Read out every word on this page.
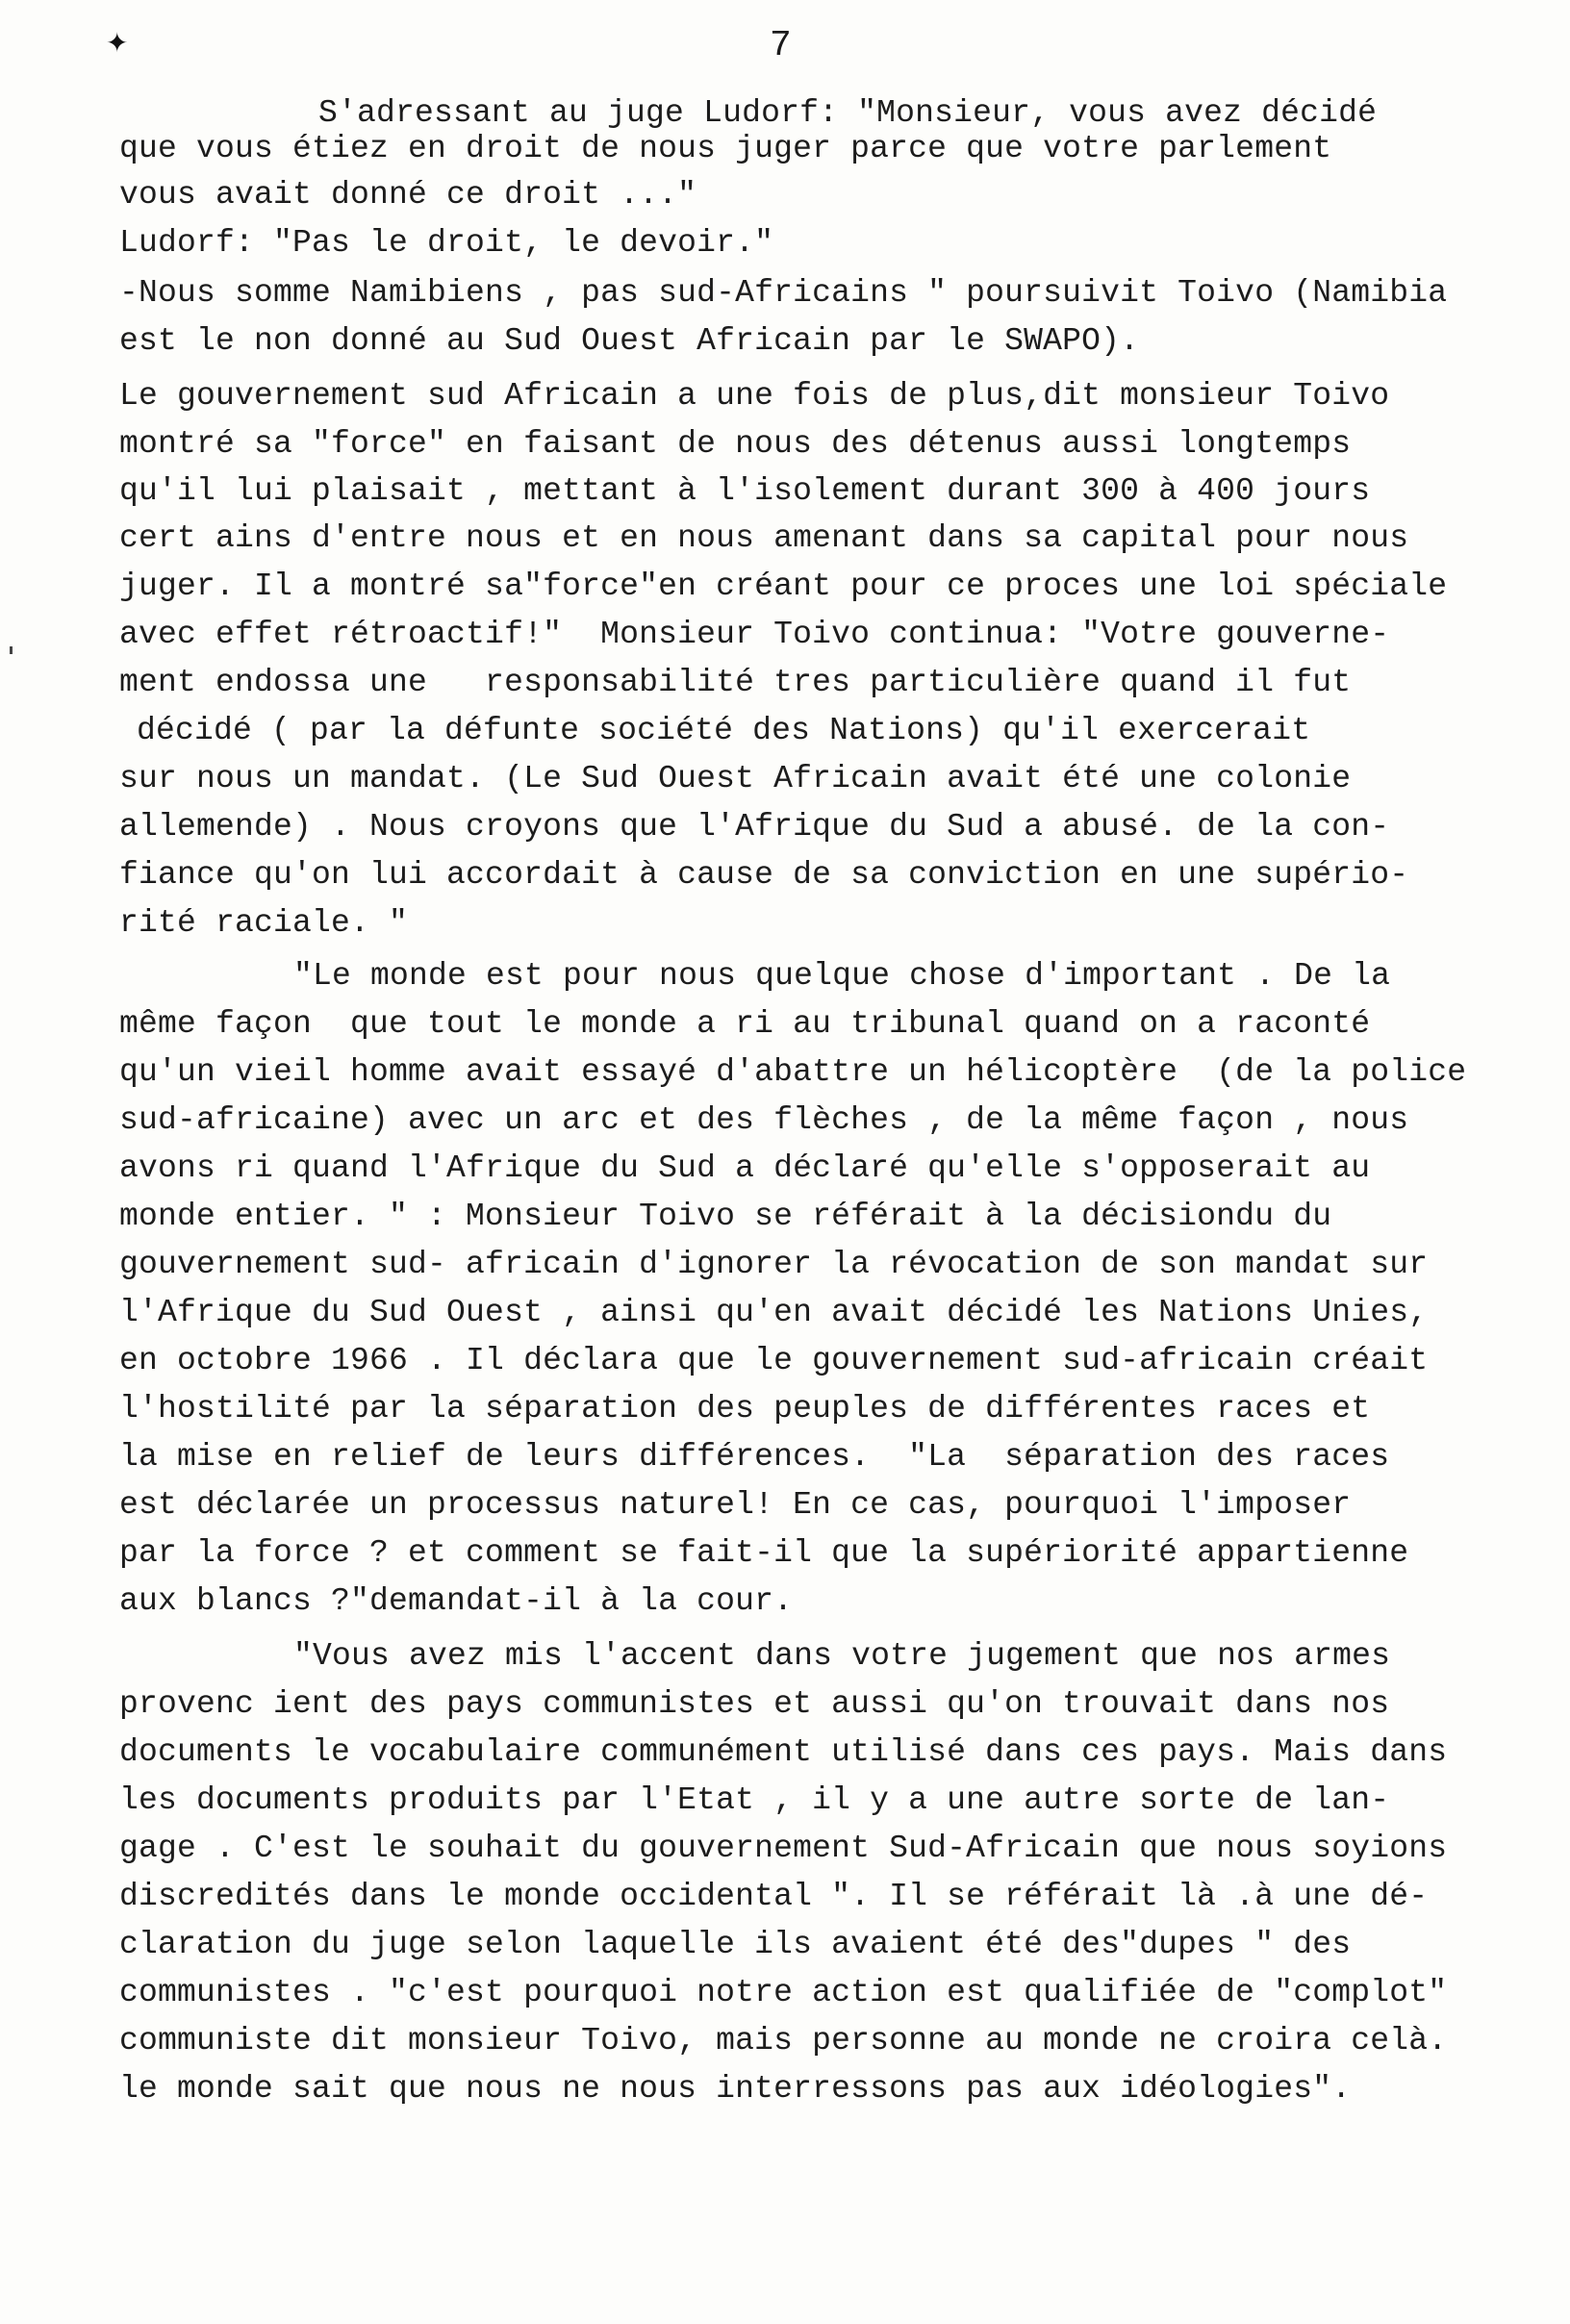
✦	7
S'adressant au juge Ludorf: "Monsieur, vous avez décidé
que vous étiez en droit de nous juger parce que votre parlement
vous avait donné ce droit ..."
Ludorf: "Pas le droit, le devoir."
-Nous somme Namibiens , pas sud-Africains " poursuivit Toivo (Namibia
est le non donné au Sud Ouest Africain par le SWAPO).
Le gouvernement sud Africain a une fois de plus,dit monsieur Toivo
montré sa "force" en faisant de nous des détenus aussi longtemps
qu'il lui plaisait , mettant à l'isolement durant 300 à 400 jours
cert ains d'entre nous et en nous amenant dans sa capital pour nous
juger. Il a montré sa"force"en créant pour ce proces une loi spéciale
avec effet rétroactif!"  Monsieur Toivo continua: "Votre gouverne-
ment endossa une   responsabilité tres particulière quand il fut
décidé ( par la défunte société des Nations) qu'il exercerait
sur nous un mandat. (Le Sud Ouest Africain avait été une colonie
allemende) . Nous croyons que l'Afrique du Sud a abusé. de la con-
fiance qu'on lui accordait à cause de sa conviction en une supério-
rité raciale. "
"Le monde est pour nous quelque chose d'important . De la
même façon  que tout le monde a ri au tribunal quand on a raconté
qu'un vieil homme avait essayé d'abattre un hélicoptère  (de la police
sud-africaine) avec un arc et des flèches , de la même façon , nous
avons ri quand l'Afrique du Sud a déclaré qu'elle s'opposerait au
monde entier. " : Monsieur Toivo se référait à la décisiondu du
gouvernement sud- africain d'ignorer la révocation de son mandat sur
l'Afrique du Sud Ouest , ainsi qu'en avait décidé les Nations Unies,
en octobre 1966 . Il déclara que le gouvernement sud-africain créait
l'hostilité par la séparation des peuples de différentes races et
la mise en relief de leurs différences.  "La  séparation des races
est déclarée un processus naturel! En ce cas, pourquoi l'imposer
par la force ? et comment se fait-il que la supériorité appartienne
aux blancs ?"demandat-il à la cour.
"Vous avez mis l'accent dans votre jugement que nos armes
provenc ient des pays communistes et aussi qu'on trouvait dans nos
documents le vocabulaire communément utilisé dans ces pays. Mais dans
les documents produits par l'Etat , il y a une autre sorte de lan-
gage . C'est le souhait du gouvernement Sud-Africain que nous soyions
discredités dans le monde occidental ". Il se référait là .à une dé-
claration du juge selon laquelle ils avaient été des"dupes " des
communistes . "c'est pourquoi notre action est qualifiée de "complot"
communiste dit monsieur Toivo, mais personne au monde ne croira celà.
le monde sait que nous ne nous interressons pas aux idéologies".
